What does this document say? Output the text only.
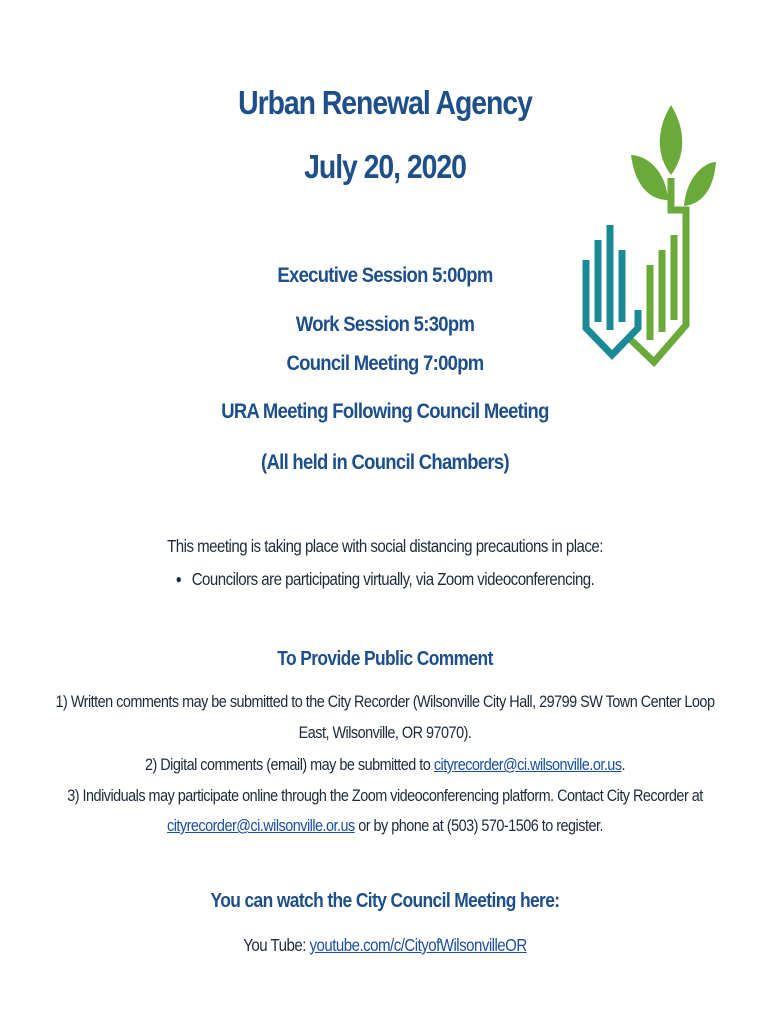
Urban Renewal Agency
July 20, 2020
Executive Session 5:00pm
Work Session 5:30pm
Council Meeting 7:00pm
URA Meeting Following Council Meeting
(All held in Council Chambers)
This meeting is taking place with social distancing precautions in place:
● Councilors are participating virtually, via Zoom videoconferencing.
To Provide Public Comment
1) Written comments may be submitted to the City Recorder (Wilsonville City Hall, 29799 SW Town Center Loop
East, Wilsonville, OR 97070).
2) Digital comments (email) may be submitted to cityrecorder@ci.wilsonville.or.us.
3) Individuals may participate online through the Zoom videoconferencing platform. Contact City Recorder at
cityrecorder@ci.wilsonville.or.us or by phone at (503) 570-1506 to register.
You can watch the City Council Meeting here:
You Tube: youtube.com/c/CityofWilsonvilleOR
